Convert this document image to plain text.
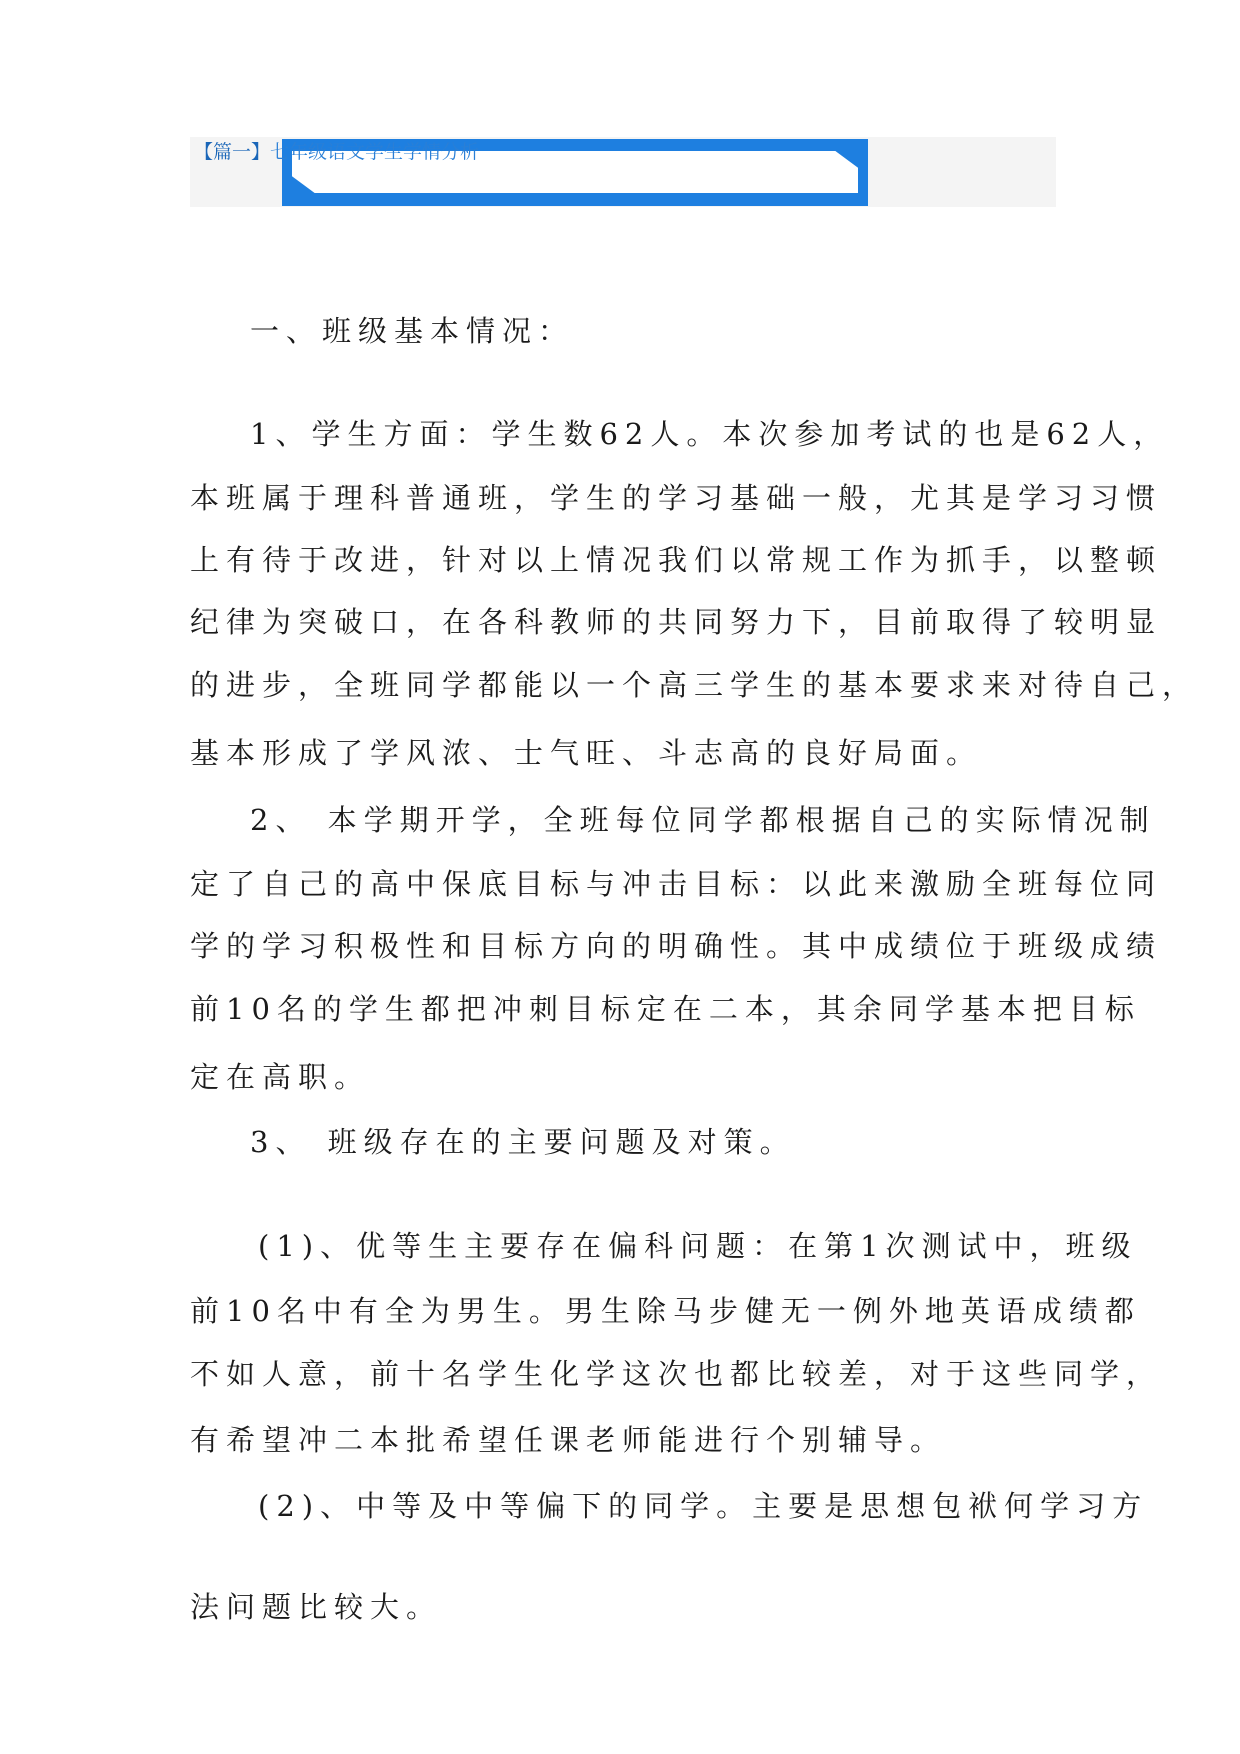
【篇一】七年级语文学生学情分析
一、班级基本情况：
1、学生方面：学生数62人。本次参加考试的也是62人，
本班属于理科普通班，学生的学习基础一般，尤其是学习习惯
上有待于改进，针对以上情况我们以常规工作为抓手，以整顿
纪律为突破口，在各科教师的共同努力下，目前取得了较明显
的进步，全班同学都能以一个高三学生的基本要求来对待自己，
基本形成了学风浓、士气旺、斗志高的良好局面。
2、 本学期开学，全班每位同学都根据自己的实际情况制
定了自己的高中保底目标与冲击目标：以此来激励全班每位同
学的学习积极性和目标方向的明确性。其中成绩位于班级成绩
前10名的学生都把冲刺目标定在二本，其余同学基本把目标
定在高职。
3、 班级存在的主要问题及对策。
(1)、优等生主要存在偏科问题：在第1次测试中，班级
前10名中有全为男生。男生除马步健无一例外地英语成绩都
不如人意，前十名学生化学这次也都比较差，对于这些同学，
有希望冲二本批希望任课老师能进行个别辅导。
(2)、中等及中等偏下的同学。主要是思想包袱何学习方
法问题比较大。
